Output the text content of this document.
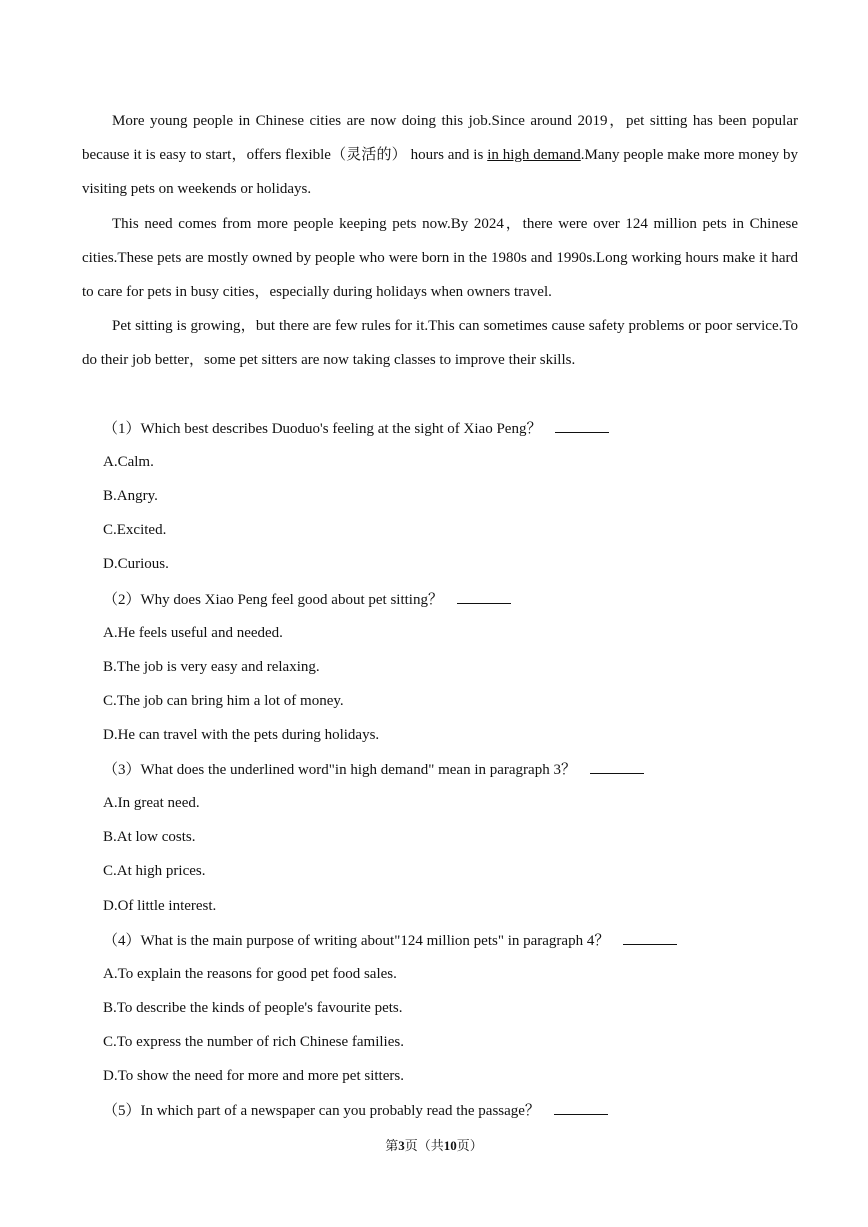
More young people in Chinese cities are now doing this job.Since around 2019，pet sitting has been popular because it is easy to start，offers flexible（灵活的） hours and is in high demand.Many people make more money by visiting pets on weekends or holidays.
This need comes from more people keeping pets now.By 2024，there were over 124 million pets in Chinese cities.These pets are mostly owned by people who were born in the 1980s and 1990s.Long working hours make it hard to care for pets in busy cities，especially during holidays when owners travel.
Pet sitting is growing，but there are few rules for it.This can sometimes cause safety problems or poor service.To do their job better，some pet sitters are now taking classes to improve their skills.
（1）Which best describes Duoduo's feeling at the sight of Xiao Peng？
A.Calm.
B.Angry.
C.Excited.
D.Curious.
（2）Why does Xiao Peng feel good about pet sitting？
A.He feels useful and needed.
B.The job is very easy and relaxing.
C.The job can bring him a lot of money.
D.He can travel with the pets during holidays.
（3）What does the underlined word"in high demand" mean in paragraph 3？
A.In great need.
B.At low costs.
C.At high prices.
D.Of little interest.
（4）What is the main purpose of writing about"124 million pets" in paragraph 4？
A.To explain the reasons for good pet food sales.
B.To describe the kinds of people's favourite pets.
C.To express the number of rich Chinese families.
D.To show the need for more and more pet sitters.
（5）In which part of a newspaper can you probably read the passage？
第3页（共10页）
